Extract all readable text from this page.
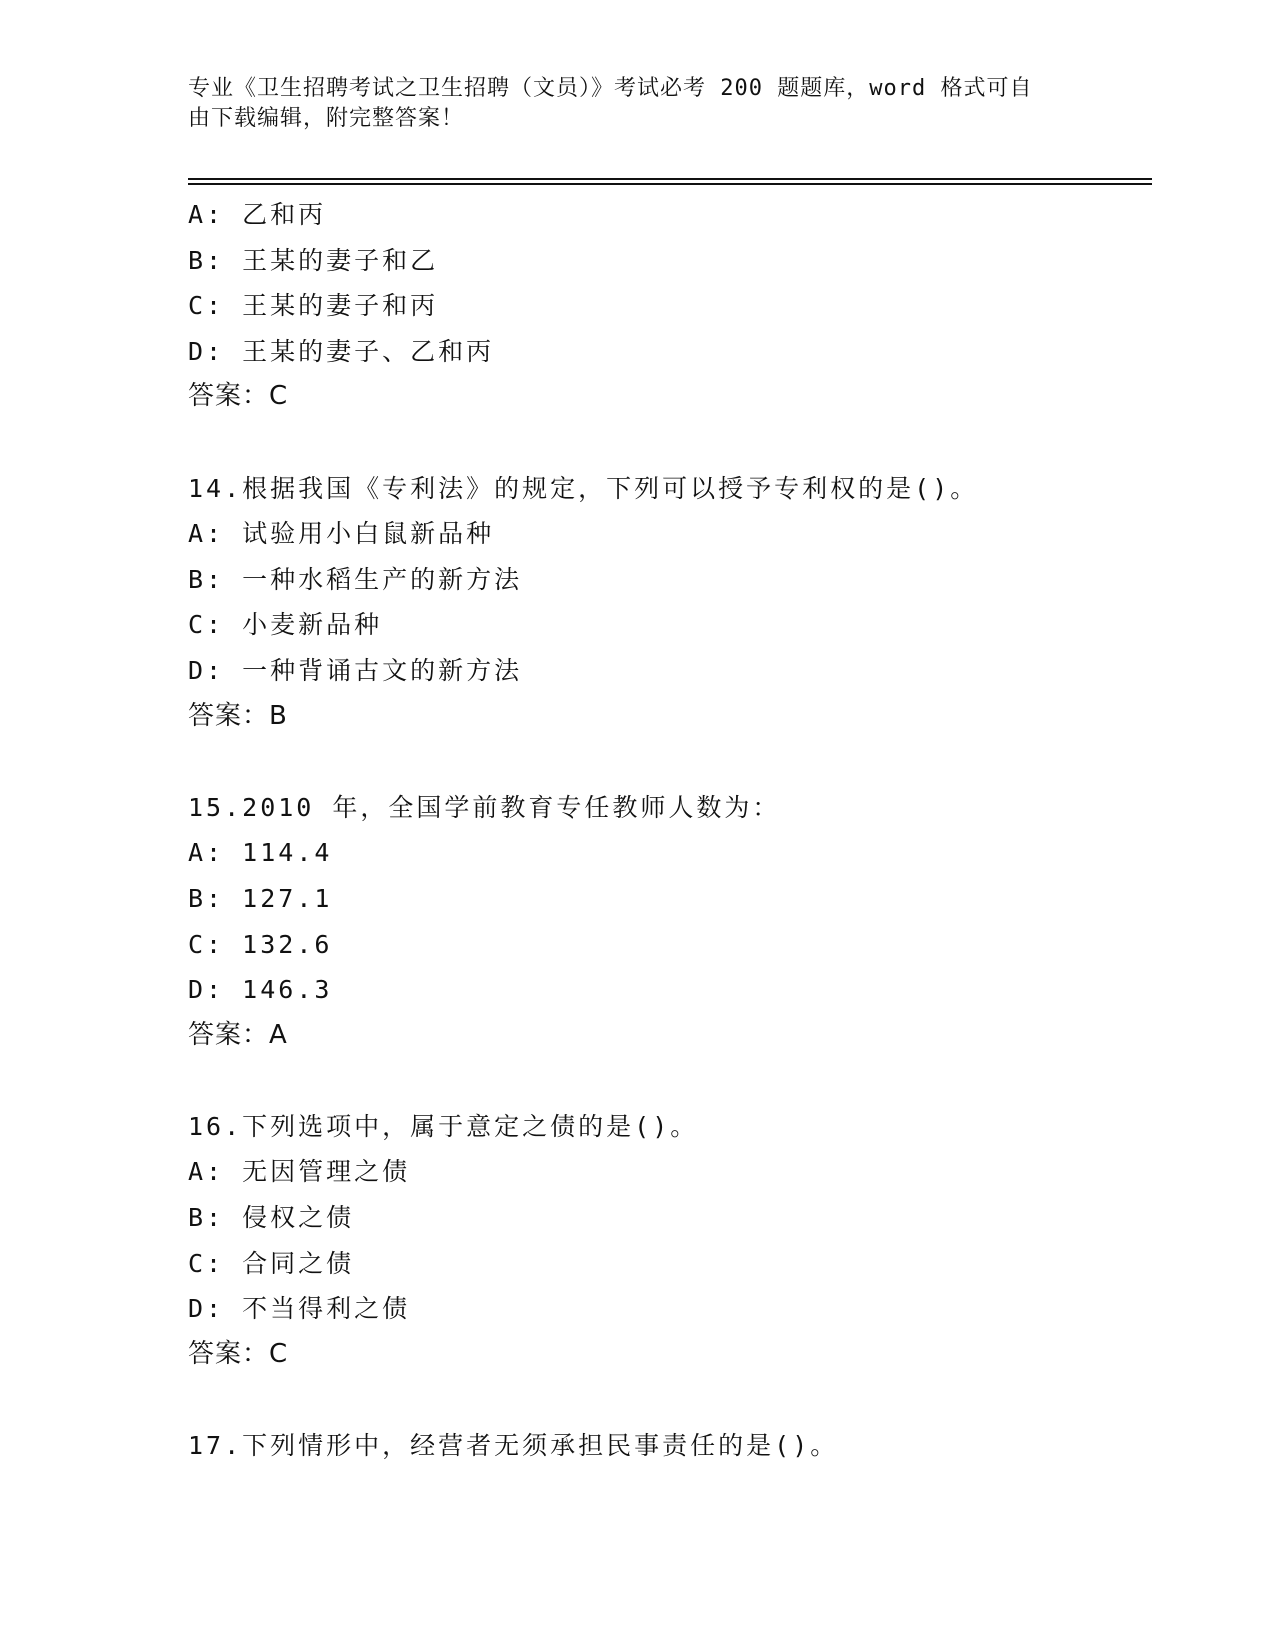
专业《卫生招聘考试之卫生招聘（文员）》考试必考 200 题题库，word 格式可自
由下载编辑，附完整答案！
A: 乙和丙
B: 王某的妻子和乙
C: 王某的妻子和丙
D: 王某的妻子、乙和丙
答案：C
14.根据我国《专利法》的规定，下列可以授予专利权的是()。
A: 试验用小白鼠新品种
B: 一种水稻生产的新方法
C: 小麦新品种
D: 一种背诵古文的新方法
答案：B
15.2010 年，全国学前教育专任教师人数为：
A: 114.4
B: 127.1
C: 132.6
D: 146.3
答案：A
16.下列选项中，属于意定之债的是()。
A: 无因管理之债
B: 侵权之债
C: 合同之债
D: 不当得利之债
答案：C
17.下列情形中，经营者无须承担民事责任的是()。
